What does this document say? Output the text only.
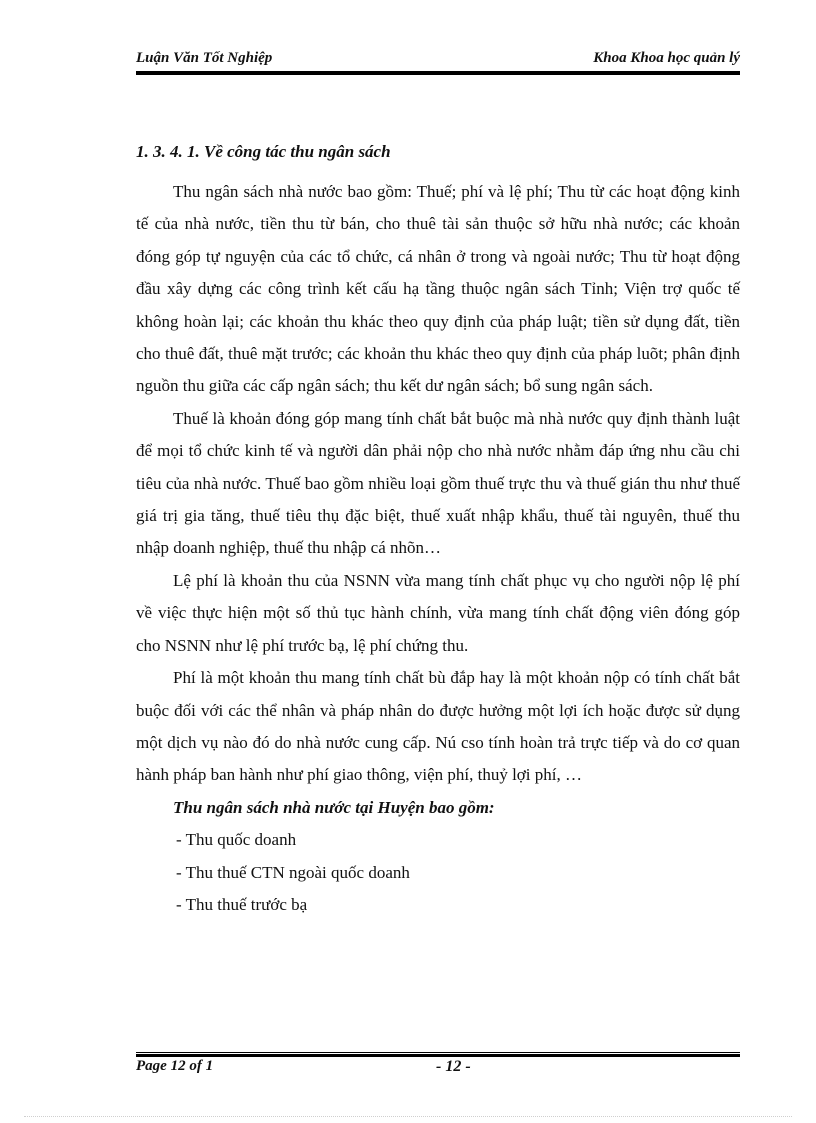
Luận Văn Tốt Nghiệp	Khoa Khoa học quản lý

1. 3. 4. 1. Về công tác thu ngân sách

Thu ngân sách nhà nước bao gồm: Thuế; phí và lệ phí; Thu từ các hoạt động kinh tế của nhà nước, tiền thu từ bán, cho thuê tài sản thuộc sở hữu nhà nước; các khoản đóng góp tự nguyện của các tổ chức, cá nhân ở trong và ngoài nước; Thu từ hoạt động đầu xây dựng các công trình kết cấu hạ tầng thuộc ngân sách Tỉnh; Viện trợ quốc tế không hoàn lại; các khoản thu khác theo quy định của pháp luật; tiền sử dụng đất, tiền cho thuê đất, thuê mặt trước; các khoản thu khác theo quy định của pháp luõt; phân định nguồn thu giữa các cấp ngân sách; thu kết dư ngân sách; bổ sung ngân sách.

Thuế là khoản đóng góp mang tính chất bắt buộc mà nhà nước quy định thành luật để mọi tổ chức kinh tế và người dân phải nộp cho nhà nước nhằm đáp ứng nhu cầu chi tiêu của nhà nước. Thuế bao gồm nhiều loại gồm thuế trực thu và thuế gián thu như thuế giá trị gia tăng, thuế tiêu thụ đặc biệt, thuế xuất nhập khẩu, thuế tài nguyên, thuế thu nhập doanh nghiệp, thuế thu nhập cá nhõn…

Lệ phí là khoản thu của NSNN vừa mang tính chất phục vụ cho người nộp lệ phí về việc thực hiện một số thủ tục hành chính, vừa mang tính chất động viên đóng góp cho NSNN như lệ phí trước bạ, lệ phí chứng thu.

Phí là một khoản thu mang tính chất bù đắp hay là một khoản nộp có tính chất bắt buộc đối với các thể nhân và pháp nhân do được hưởng một lợi ích hoặc được sử dụng một dịch vụ nào đó do nhà nước cung cấp. Nú cso tính hoàn trả trực tiếp và do cơ quan hành pháp ban hành như phí giao thông, viện phí, thuỷ lợi phí, …

Thu ngân sách nhà nước tại Huyện bao gồm:

- Thu quốc doanh

- Thu thuế CTN ngoài quốc doanh

- Thu thuế trước bạ

Page 12 of 1	- 12 -
